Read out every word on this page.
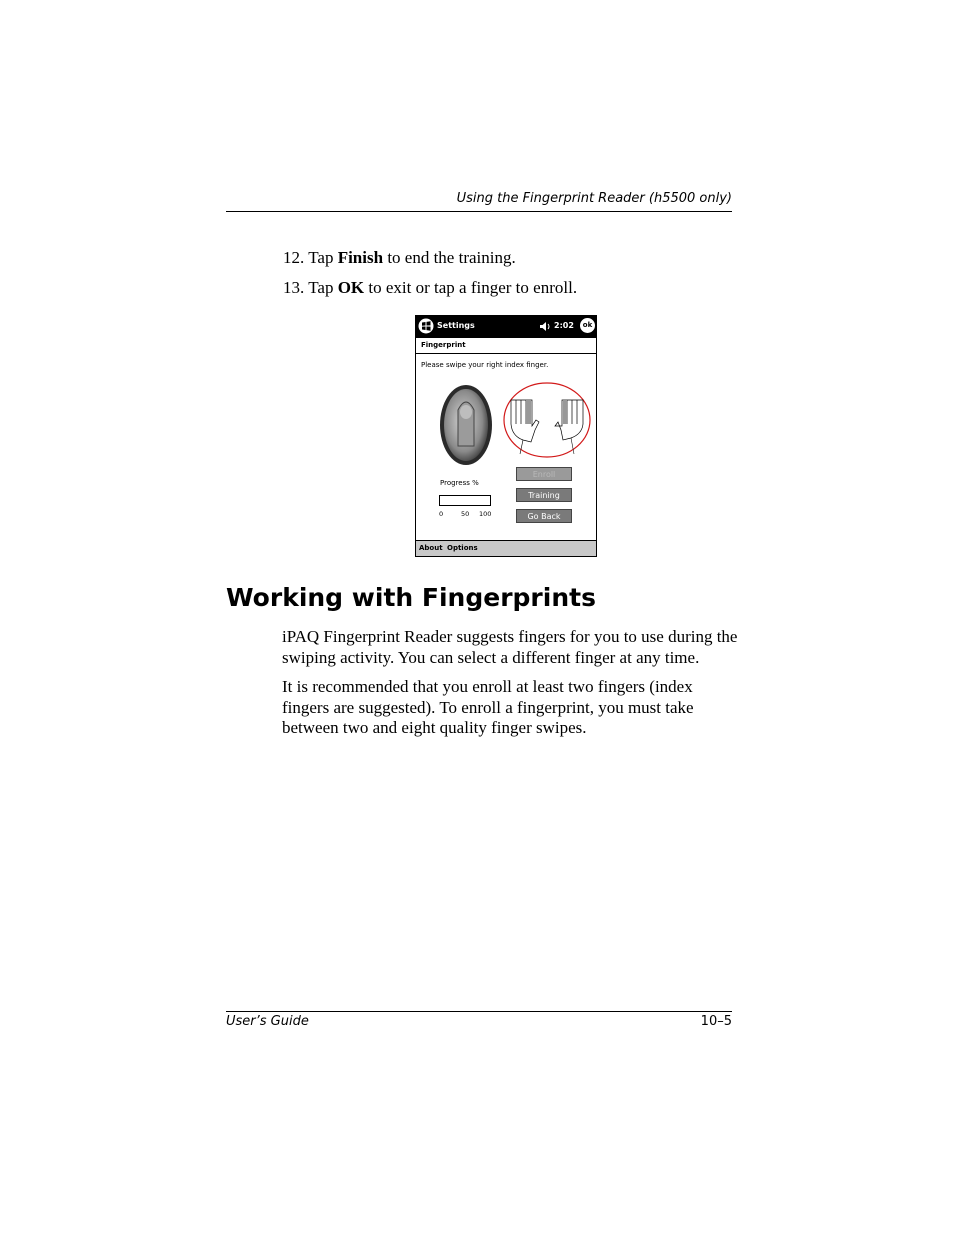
Using the Fingerprint Reader (h5500 only)
12. Tap Finish to end the training.
13. Tap OK to exit or tap a finger to enroll.
Settings	2:02	ok
Fingerprint
Please swipe your right index finger.
Enroll
Training
Go Back
Progress %
0	50 100
About Options
Working with Fingerprints
iPAQ Fingerprint Reader suggests fingers for you to use during the swiping activity. You can select a different finger at any time.
It is recommended that you enroll at least two fingers (index fingers are suggested). To enroll a fingerprint, you must take between two and eight quality finger swipes.
User’s Guide	10–5
